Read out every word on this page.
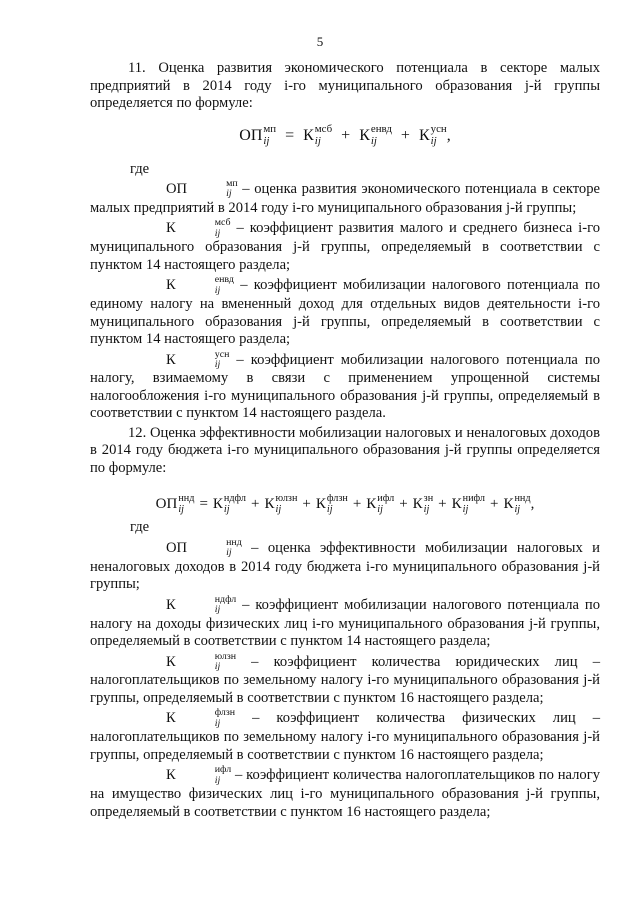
5

11. Оценка развития экономического потенциала в секторе малых предприятий в 2014 году i-го муниципального образования j-й группы определяется по формуле:

ОП мп
ij = К мсб
ij	+ К енвд
ij	+ К усн
ij ,

где

ОП	мп
ij – оценка развития экономического потенциала в секторе малых предприятий в 2014 году i-го муниципального образования j-й группы;

К	мсб
ij – коэффициент развития малого и среднего бизнеса i-го муниципального образования j-й группы, определяемый в соответствии с пунктом 14 настоящего раздела;

К	енвд
ij – коэффициент мобилизации налогового потенциала по единому налогу на вмененный доход для отдельных видов деятельности i-го муниципального образования j-й группы, определяемый в соответствии с пунктом 14 настоящего раздела;

К	усн
ij – коэффициент мобилизации налогового потенциала по налогу, взимаемому в связи с применением упрощенной системы налогообложения i-го муниципального образования j-й группы, определяемый в соответствии с пунктом 14 настоящего раздела.

12. Оценка эффективности мобилизации налоговых и неналоговых доходов в 2014 году бюджета i-го муниципального образования j-й группы определяется по формуле:

ОП ннд
ij	= К ндфл
ij	+ К юлзн
ij	+ К флзн
ij	+ К ифл
ij	+ К зн
ij + К нифл
ij	+ К ннд
ij ,

где

ОП	ннд
ij – оценка эффективности мобилизации налоговых и неналоговых доходов в 2014 году бюджета i-го муниципального образования j-й группы;

К	ндфл
ij	– коэффициент мобилизации налогового потенциала по налогу на доходы физических лиц i-го муниципального образования j-й группы, определяемый в соответствии с пунктом 14 настоящего раздела;

К	юлзн
ij	– коэффициент количества юридических лиц – налогоплательщиков по земельному налогу i-го муниципального образования j-й группы, определяемый в соответствии с пунктом 16 настоящего раздела;

К	флзн
ij	– коэффициент количества физических лиц – налогоплательщиков по земельному налогу i-го муниципального образования j-й группы, определяемый в соответствии с пунктом 16 настоящего раздела;

К	ифл
ij – коэффициент количества налогоплательщиков по налогу на имущество физических лиц i-го муниципального образования j-й группы, определяемый в соответствии с пунктом 16 настоящего раздела;
